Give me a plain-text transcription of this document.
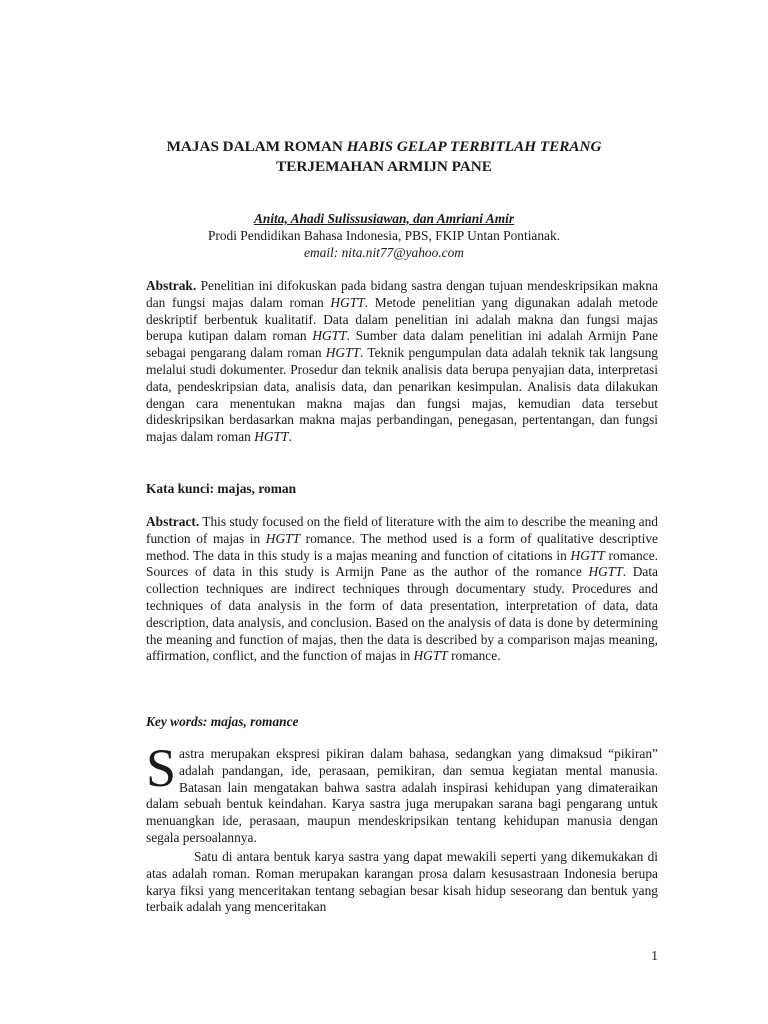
MAJAS DALAM ROMAN HABIS GELAP TERBITLAH TERANG
TERJEMAHAN ARMIJN PANE
Anita, Ahadi Sulissusiawan, dan Amriani Amir
Prodi Pendidikan Bahasa Indonesia, PBS, FKIP Untan Pontianak.
email: nita.nit77@yahoo.com
Abstrak. Penelitian ini difokuskan pada bidang sastra dengan tujuan mendeskripsikan makna dan fungsi majas dalam roman HGTT. Metode penelitian yang digunakan adalah metode deskriptif berbentuk kualitatif. Data dalam penelitian ini adalah makna dan fungsi majas berupa kutipan dalam roman HGTT. Sumber data dalam penelitian ini adalah Armijn Pane sebagai pengarang dalam roman HGTT. Teknik pengumpulan data adalah teknik tak langsung melalui studi dokumenter. Prosedur dan teknik analisis data berupa penyajian data, interpretasi data, pendeskripsian data, analisis data, dan penarikan kesimpulan. Analisis data dilakukan dengan cara menentukan makna majas dan fungsi majas, kemudian data tersebut dideskripsikan berdasarkan makna majas perbandingan, penegasan, pertentangan, dan fungsi majas dalam roman HGTT.
Kata kunci: majas, roman
Abstract. This study focused on the field of literature with the aim to describe the meaning and function of majas in HGTT romance. The method used is a form of qualitative descriptive method. The data in this study is a majas meaning and function of citations in HGTT romance. Sources of data in this study is Armijn Pane as the author of the romance HGTT. Data collection techniques are indirect techniques through documentary study. Procedures and techniques of data analysis in the form of data presentation, interpretation of data, data description, data analysis, and conclusion. Based on the analysis of data is done by determining the meaning and function of majas, then the data is described by a comparison majas meaning, affirmation, conflict, and the function of majas in HGTT romance.
Key words: majas, romance
Sastra merupakan ekspresi pikiran dalam bahasa, sedangkan yang dimaksud “pikiran” adalah pandangan, ide, perasaan, pemikiran, dan semua kegiatan mental manusia. Batasan lain mengatakan bahwa sastra adalah inspirasi kehidupan yang dimateraikan dalam sebuah bentuk keindahan. Karya sastra juga merupakan sarana bagi pengarang untuk menuangkan ide, perasaan, maupun mendeskripsikan tentang kehidupan manusia dengan segala persoalannya.
Satu di antara bentuk karya sastra yang dapat mewakili seperti yang dikemukakan di atas adalah roman. Roman merupakan karangan prosa dalam kesusastraan Indonesia berupa karya fiksi yang menceritakan tentang sebagian besar kisah hidup seseorang dan bentuk yang terbaik adalah yang menceritakan
1
